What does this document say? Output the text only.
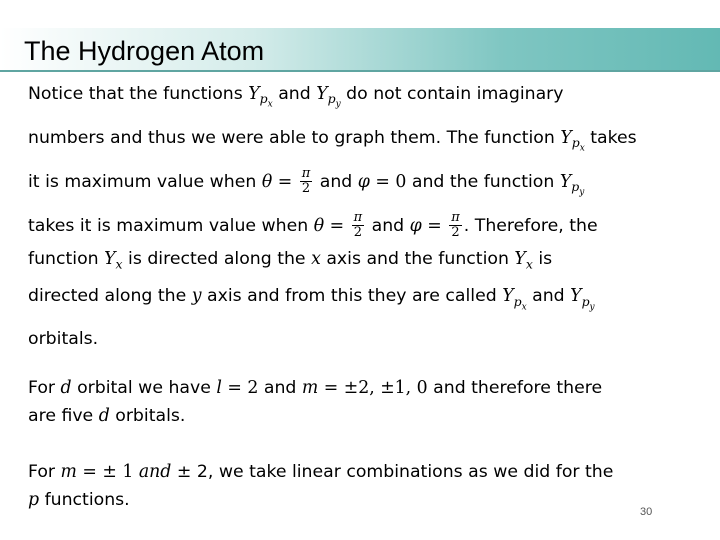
The Hydrogen Atom

Notice that the functions $Y_{p_x}$ and $Y_{p_y}$ do not contain imaginary

numbers and thus we were able to graph them. The function $Y_{p_x}$ takes

it is maximum value when $\theta = \frac{\pi}{2}$ and φ = 0 and the function $Y_{p_y}$

takes it is maximum value when $\theta = \frac{\pi}{2}$ and $\varphi = \frac{\pi}{2}$ . Therefore, the

function $Y_x$ is directed along the x axis and the function $Y_x$ is

directed along the y axis and from this they are called $Y_{p_x}$ and $Y_{p_y}$

orbitals.

For d orbital we have l = 2 and m = ±2, ±1, 0 and therefore there

are five d orbitals.

For m = ± 1 and ± 2, we take linear combinations as we did for the

p functions.

30
